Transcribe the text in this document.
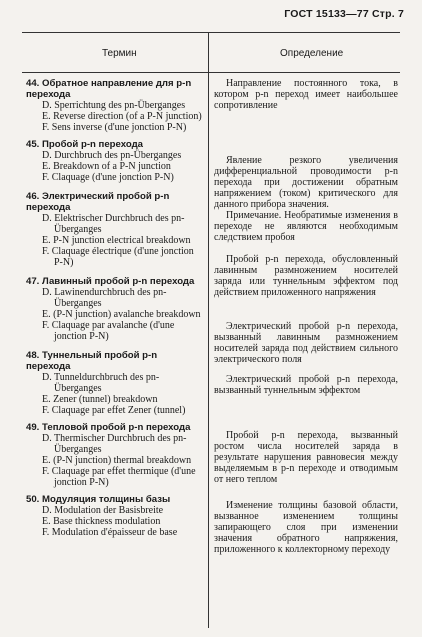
ГОСТ 15133—77 Стр. 7
Термин	Определение
44. Обратное направление для p-n перехода
D. Sperrichtung des pn-Überganges
E. Reverse direction (of a P-N junction)
F. Sens inverse (d'une jonction P-N)
45. Пробой p-n перехода
D. Durchbruch des pn-Überganges
E. Breakdown of a P-N junction
F. Claquage (d'une jonction P-N)
46. Электрический пробой p-n перехода
D. Elektrischer Durchbruch des pn-Überganges
E. P-N junction electrical breakdown
F. Claquage électrique (d'une jonction P-N)
47. Лавинный пробой p-n перехода
D. Lawinendurchbruch des pn-Überganges
E. (P-N junction) avalanche breakdown
F. Claquage par avalanche (d'une jonction P-N)
48. Туннельный пробой p-n перехода
D. Tunneldurchbruch des pn-Überganges
E. Zener (tunnel) breakdown
F. Claquage par effet Zener (tunnel)
49. Тепловой пробой p-n перехода
D. Thermischer Durchbruch des pn-Überganges
E. (P-N junction) thermal breakdown
F. Claquage par effet thermique (d'une jonction P-N)
50. Модуляция толщины базы
D. Modulation der Basisbreite
E. Base thickness modulation
F. Modulation d'épaisseur de base
Направление постоянного тока, в котором p-n переход имеет наибольшее сопротивление
Явление резкого увеличения дифференциальной проводимости p-n перехода при достижении обратным напряжением (током) критического для данного прибора значения.
Примечание. Необратимые изменения в переходе не являются необходимым следствием пробоя
Пробой p-n перехода, обусловленный лавинным размножением носителей заряда или туннельным эффектом под действием приложенного напряжения
Электрический пробой p-n перехода, вызванный лавинным размножением носителей заряда под действием сильного электрического поля
Электрический пробой p-n перехода, вызванный туннельным эффектом
Пробой p-n перехода, вызванный ростом числа носителей заряда в результате нарушения равновесия между выделяемым в p-n переходе и отводимым от него теплом
Изменение толщины базовой области, вызванное изменением толщины запирающего слоя при изменении значения обратного напряжения, приложенного к коллекторному переходу
